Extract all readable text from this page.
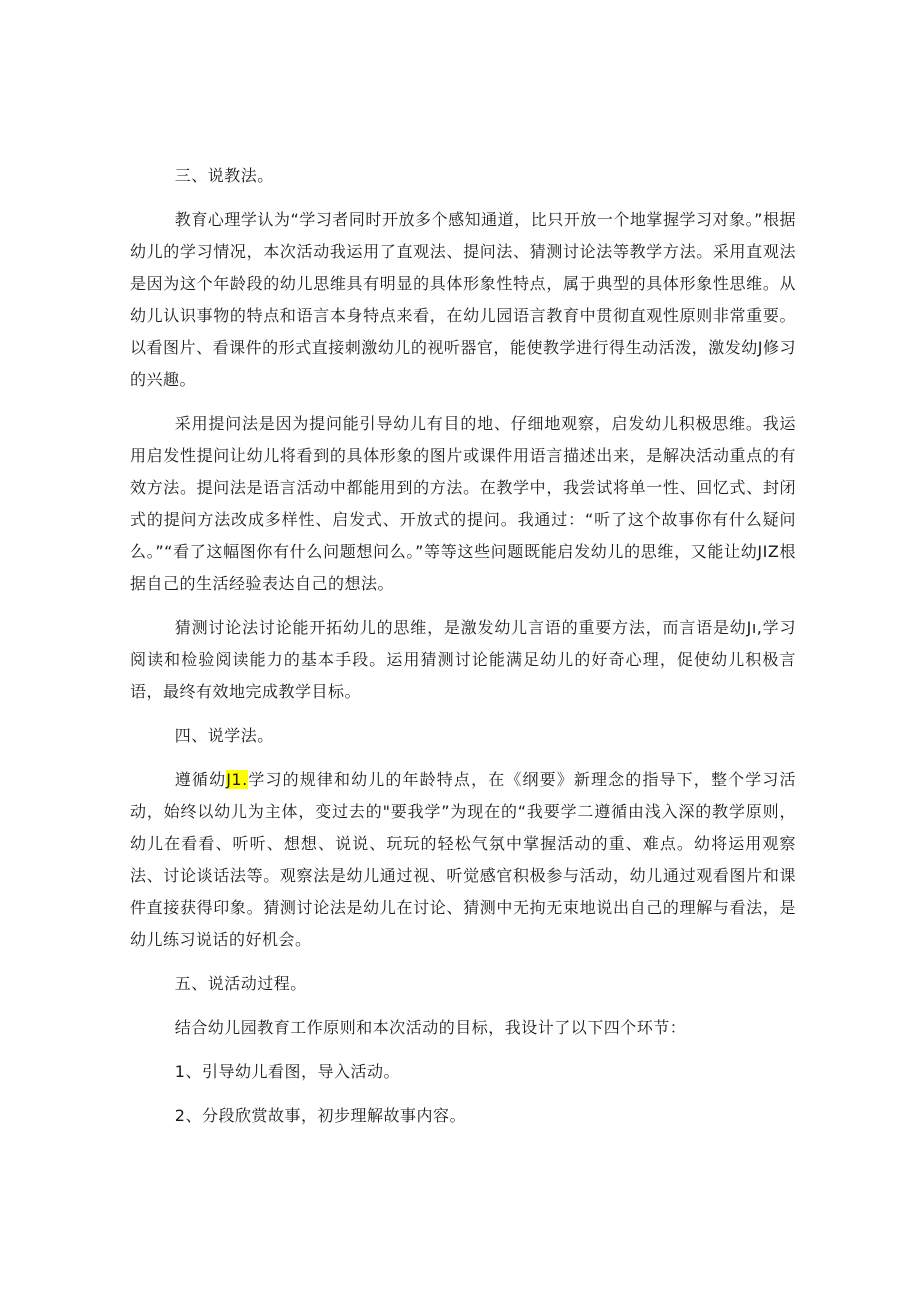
三、说教法。

教育心理学认为“学习者同时开放多个感知通道，比只开放一个地掌握学习对象。”根据幼儿的学习情况，本次活动我运用了直观法、提问法、猜测讨论法等教学方法。采用直观法是因为这个年龄段的幼儿思维具有明显的具体形象性特点，属于典型的具体形象性思维。从幼儿认识事物的特点和语言本身特点来看，在幼儿园语言教育中贯彻直观性原则非常重要。以看图片、看课件的形式直接刺激幼儿的视听器官，能使教学进行得生动活泼，激发幼J修习的兴趣。

采用提问法是因为提问能引导幼儿有目的地、仔细地观察，启发幼儿积极思维。我运用启发性提问让幼儿将看到的具体形象的图片或课件用语言描述出来，是解决活动重点的有效方法。提问法是语言活动中都能用到的方法。在教学中，我尝试将单一性、回忆式、封闭式的提问方法改成多样性、启发式、开放式的提问。我通过：“听了这个故事你有什么疑问么。”“看了这幅图你有什么问题想问么。”等等这些问题既能启发幼儿的思维，又能让幼JIZ根据自己的生活经验表达自己的想法。

猜测讨论法讨论能开拓幼儿的思维，是激发幼儿言语的重要方法，而言语是幼Jı,学习阅读和检验阅读能力的基本手段。运用猜测讨论能满足幼儿的好奇心理，促使幼儿积极言语，最终有效地完成教学目标。

四、说学法。

遵循幼J1.学习的规律和幼儿的年龄特点，在《纲要》新理念的指导下，整个学习活动，始终以幼儿为主体，变过去的"要我学”为现在的“我要学二遵循由浅入深的教学原则，幼儿在看看、听听、想想、说说、玩玩的轻松气氛中掌握活动的重、难点。幼将运用观察法、讨论谈话法等。观察法是幼儿通过视、听觉感官积极参与活动，幼儿通过观看图片和课件直接获得印象。猜测讨论法是幼儿在讨论、猜测中无拘无束地说出自己的理解与看法，是幼儿练习说话的好机会。

五、说活动过程。

结合幼儿园教育工作原则和本次活动的目标，我设计了以下四个环节：

1、引导幼儿看图，导入活动。

2、分段欣赏故事，初步理解故事内容。
